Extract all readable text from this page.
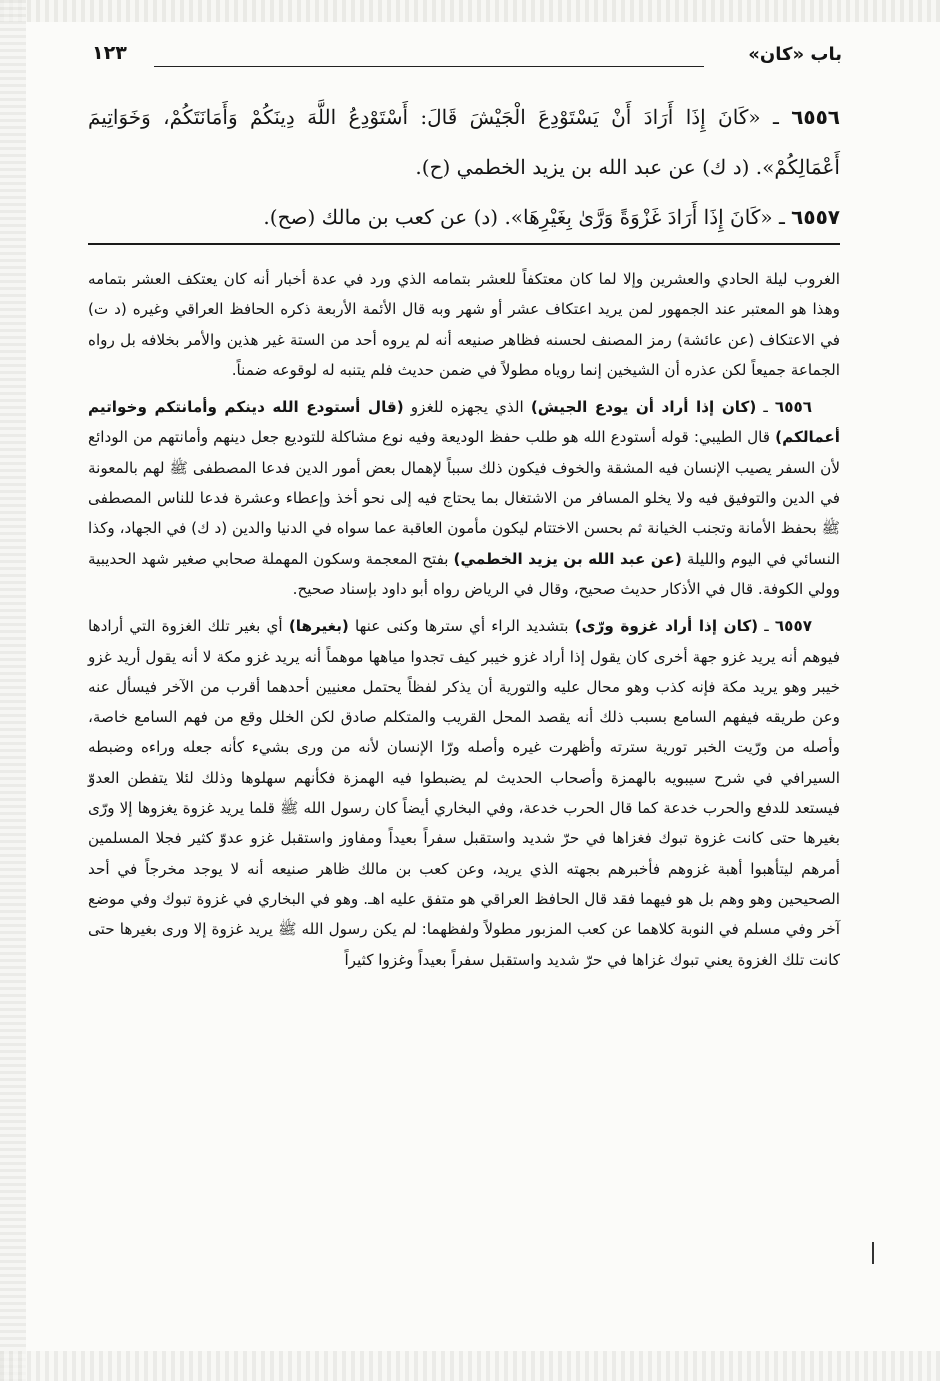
باب «كان»
١٢٣

٦٥٥٦ ـ «كَانَ إِذَا أَرَادَ أَنْ يَسْتَوْدِعَ الْجَيْشَ قَالَ: أَسْتَوْدِعُ اللَّهَ دِينَكُمْ وَأَمَانَتَكُمْ، وَخَوَاتِيمَ أَعْمَالِكُمْ». (د ك) عن عبد الله بن يزيد الخطمي (ح).

٦٥٥٧ ـ «كَانَ إِذَا أَرَادَ غَزْوَةً وَرَّىٰ بِغَيْرِهَا». (د) عن كعب بن مالك (صح).

الغروب ليلة الحادي والعشرين وإلا لما كان معتكفاً للعشر بتمامه الذي ورد في عدة أخبار أنه كان يعتكف العشر بتمامه وهذا هو المعتبر عند الجمهور لمن يريد اعتكاف عشر أو شهر وبه قال الأئمة الأربعة ذكره الحافظ العراقي وغيره (د ت) في الاعتكاف (عن عائشة) رمز المصنف لحسنه فظاهر صنيعه أنه لم يروه أحد من الستة غير هذين والأمر بخلافه بل رواه الجماعة جميعاً لكن عذره أن الشيخين إنما روياه مطولاً في ضمن حديث فلم يتنبه له لوقوعه ضمناً.

٦٥٥٦ ـ (كان إذا أراد أن يودع الجيش) الذي يجهزه للغزو (قال أستودع الله دينكم وأمانتكم وخواتيم أعمالكم) قال الطيبي: قوله أستودع الله هو طلب حفظ الوديعة وفيه نوع مشاكلة للتوديع جعل دينهم وأمانتهم من الودائع لأن السفر يصيب الإنسان فيه المشقة والخوف فيكون ذلك سبباً لإهمال بعض أمور الدين فدعا المصطفى ﷺ لهم بالمعونة في الدين والتوفيق فيه ولا يخلو المسافر من الاشتغال بما يحتاج فيه إلى نحو أخذ وإعطاء وعشرة فدعا للناس المصطفى ﷺ بحفظ الأمانة وتجنب الخيانة ثم بحسن الاختتام ليكون مأمون العاقبة عما سواه في الدنيا والدين (د ك) في الجهاد، وكذا النسائي في اليوم والليلة (عن عبد الله بن يزيد الخطمي) بفتح المعجمة وسكون المهملة صحابي صغير شهد الحديبية وولي الكوفة. قال في الأذكار حديث صحيح، وقال في الرياض رواه أبو داود بإسناد صحيح.

٦٥٥٧ ـ (كان إذا أراد غزوة ورّى) بتشديد الراء أي سترها وكنى عنها (بغيرها) أي بغير تلك الغزوة التي أرادها فيوهم أنه يريد غزو جهة أخرى كان يقول إذا أراد غزو خيبر كيف تجدوا مياهها موهماً أنه يريد غزو مكة لا أنه يقول أريد غزو خيبر وهو يريد مكة فإنه كذب وهو محال عليه والتورية أن يذكر لفظاً يحتمل معنيين أحدهما أقرب من الآخر فيسأل عنه وعن طريقه فيفهم السامع بسبب ذلك أنه يقصد المحل القريب والمتكلم صادق لكن الخلل وقع من فهم السامع خاصة، وأصله من ورّيت الخبر تورية سترته وأظهرت غيره وأصله ورّا الإنسان لأنه من ورى بشيء كأنه جعله وراءه وضبطه السيرافي في شرح سيبويه بالهمزة وأصحاب الحديث لم يضبطوا فيه الهمزة فكأنهم سهلوها وذلك لئلا يتفطن العدوّ فيستعد للدفع والحرب خدعة كما قال الحرب خدعة، وفي البخاري أيضاً كان رسول الله ﷺ قلما يريد غزوة يغزوها إلا ورّى بغيرها حتى كانت غزوة تبوك فغزاها في حرّ شديد واستقبل سفراً بعيداً ومفاوز واستقبل غزو عدوّ كثير فجلا المسلمين أمرهم ليتأهبوا أهبة غزوهم فأخبرهم بجهته الذي يريد، وعن كعب بن مالك ظاهر صنيعه أنه لا يوجد مخرجاً في أحد الصحيحين وهو وهم بل هو فيهما فقد قال الحافظ العراقي هو متفق عليه اهـ. وهو في البخاري في غزوة تبوك وفي موضع آخر وفي مسلم في النوبة كلاهما عن كعب المزبور مطولاً ولفظهما: لم يكن رسول الله ﷺ يريد غزوة إلا ورى بغيرها حتى كانت تلك الغزوة يعني تبوك غزاها في حرّ شديد واستقبل سفراً بعيداً وغزوا كثيراً
